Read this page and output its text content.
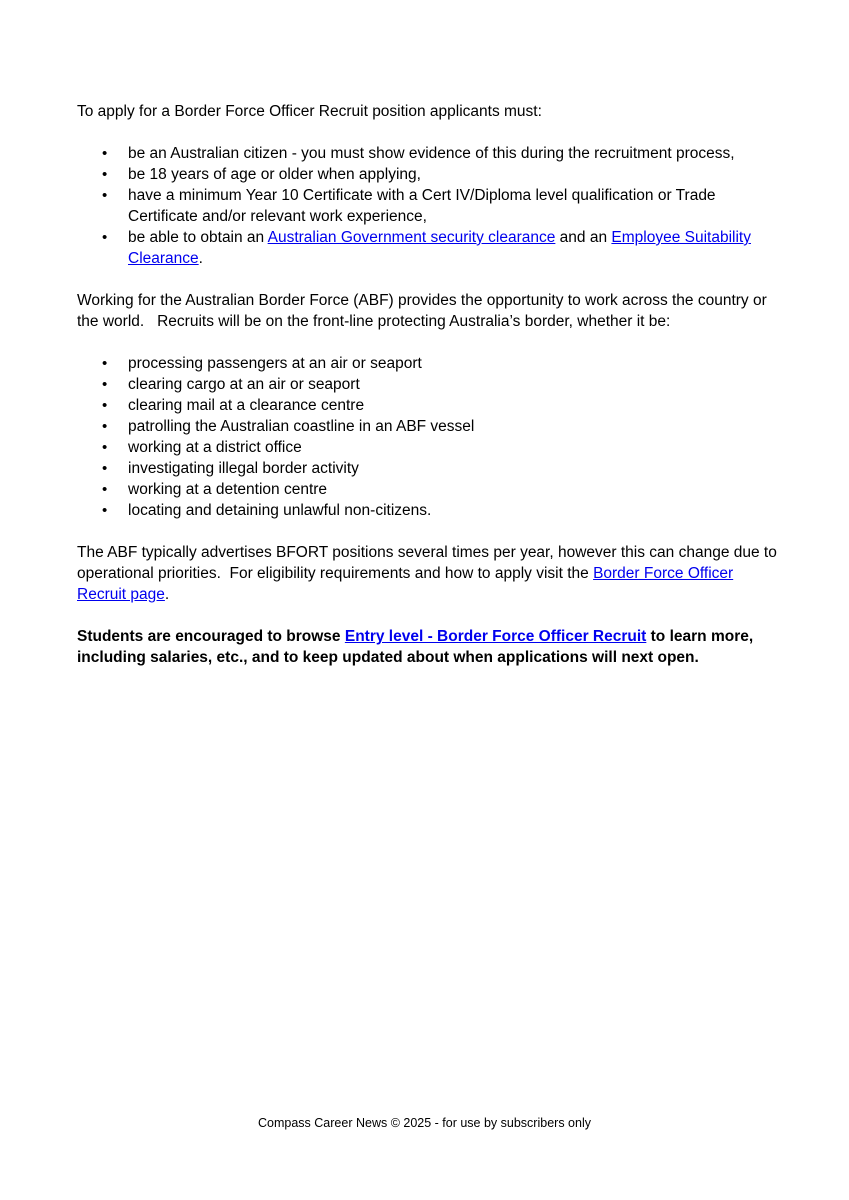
To apply for a Border Force Officer Recruit position applicants must:

• be an Australian citizen - you must show evidence of this during the recruitment process,
• be 18 years of age or older when applying,
• have a minimum Year 10 Certificate with a Cert IV/Diploma level qualification or Trade Certificate and/or relevant work experience,
• be able to obtain an Australian Government security clearance and an Employee Suitability Clearance.

Working for the Australian Border Force (ABF) provides the opportunity to work across the country or the world.   Recruits will be on the front-line protecting Australia’s border, whether it be:

• processing passengers at an air or seaport
• clearing cargo at an air or seaport
• clearing mail at a clearance centre
• patrolling the Australian coastline in an ABF vessel
• working at a district office
• investigating illegal border activity
• working at a detention centre
• locating and detaining unlawful non-citizens.

The ABF typically advertises BFORT positions several times per year, however this can change due to operational priorities.  For eligibility requirements and how to apply visit the Border Force Officer Recruit page.

Students are encouraged to browse Entry level - Border Force Officer Recruit to learn more, including salaries, etc., and to keep updated about when applications will next open.

Compass Career News © 2025 - for use by subscribers only
